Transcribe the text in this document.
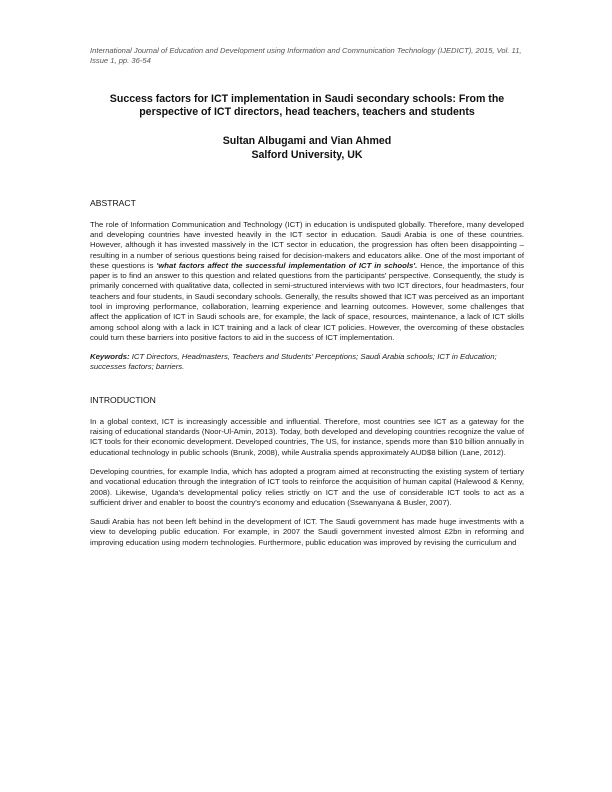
International Journal of Education and Development using Information and Communication Technology (IJEDICT), 2015, Vol. 11, Issue 1, pp. 36-54

Success factors for ICT implementation in Saudi secondary schools: From the perspective of ICT directors, head teachers, teachers and students

Sultan Albugami and Vian Ahmed

Salford University, UK

ABSTRACT

The role of Information Communication and Technology (ICT) in education is undisputed globally. Therefore, many developed and developing countries have invested heavily in the ICT sector in education. Saudi Arabia is one of these countries. However, although it has invested massively in the ICT sector in education, the progression has often been disappointing – resulting in a number of serious questions being raised for decision-makers and educators alike. One of the most important of these questions is 'what factors affect the successful implementation of ICT in schools'. Hence, the importance of this paper is to find an answer to this question and related questions from the participants' perspective. Consequently, the study is primarily concerned with qualitative data, collected in semi-structured interviews with two ICT directors, four headmasters, four teachers and four students, in Saudi secondary schools. Generally, the results showed that ICT was perceived as an important tool in improving performance, collaboration, learning experience and learning outcomes. However, some challenges that affect the application of ICT in Saudi schools are, for example, the lack of space, resources, maintenance, a lack of ICT skills among school along with a lack in ICT training and a lack of clear ICT policies. However, the overcoming of these obstacles could turn these barriers into positive factors to aid in the success of ICT implementation.

Keywords: ICT Directors, Headmasters, Teachers and Students' Perceptions; Saudi Arabia schools; ICT in Education; successes factors; barriers.

INTRODUCTION

In a global context, ICT is increasingly accessible and influential. Therefore, most countries see ICT as a gateway for the raising of educational standards (Noor-Ul-Amin, 2013). Today, both developed and developing countries recognize the value of ICT tools for their economic development. Developed countries, The US, for instance, spends more than $10 billion annually in educational technology in public schools (Brunk, 2008), while Australia spends approximately AUD$8 billion (Lane, 2012).

Developing countries, for example India, which has adopted a program aimed at reconstructing the existing system of tertiary and vocational education through the integration of ICT tools to reinforce the acquisition of human capital (Halewood & Kenny, 2008). Likewise, Uganda's developmental policy relies strictly on ICT and the use of considerable ICT tools to act as a sufficient driver and enabler to boost the country's economy and education (Ssewanyana & Busler, 2007).

Saudi Arabia has not been left behind in the development of ICT. The Saudi government has made huge investments with a view to developing public education. For example, in 2007 the Saudi government invested almost £2bn in reforming and improving education using modern technologies. Furthermore, public education was improved by revising the curriculum and
